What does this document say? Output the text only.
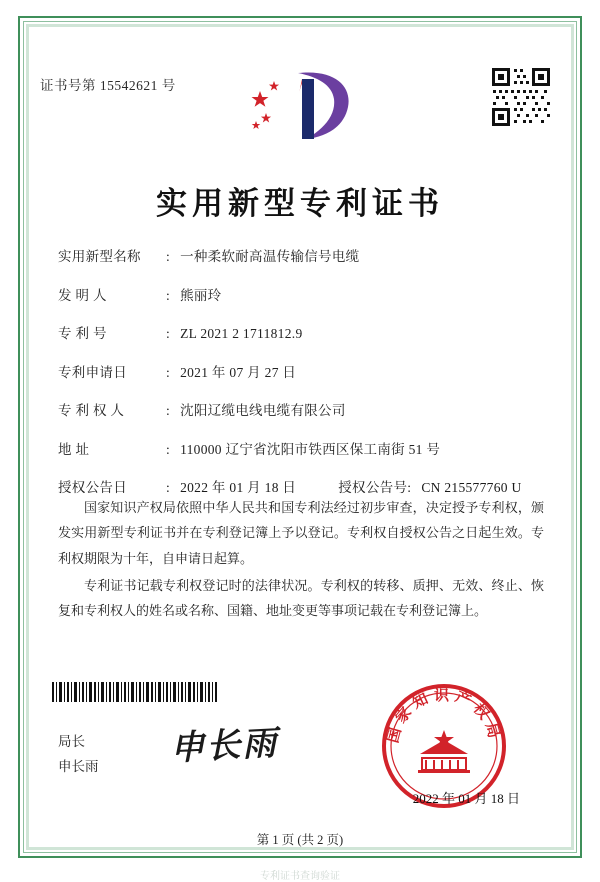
证书号第 15542621 号
实用新型专利证书
实用新型名称	: 一种柔软耐高温传输信号电缆
发 明 人	: 熊丽玲
专 利 号	: ZL 2021 2 1711812.9
专利申请日	: 2021 年 07 月 27 日
专 利 权 人	: 沈阳辽缆电线电缆有限公司
地 址	: 110000 辽宁省沈阳市铁西区保工南街 51 号
授权公告日	: 2022 年 01 月 18 日	授权公告号: CN 215577760 U

国家知识产权局依照中华人民共和国专利法经过初步审查，决定授予专利权，颁发实用新型专利证书并在专利登记簿上予以登记。专利权自授权公告之日起生效。专利权期限为十年，自申请日起算。

专利证书记载专利权登记时的法律状况。专利权的转移、质押、无效、终止、恢复和专利权人的姓名或名称、国籍、地址变更等事项记载在专利登记簿上。

局长
申长雨 申长雨	国家知识产权局
2022 年 01 月 18 日
第 1 页 (共 2 页)
专利证书查询验证
